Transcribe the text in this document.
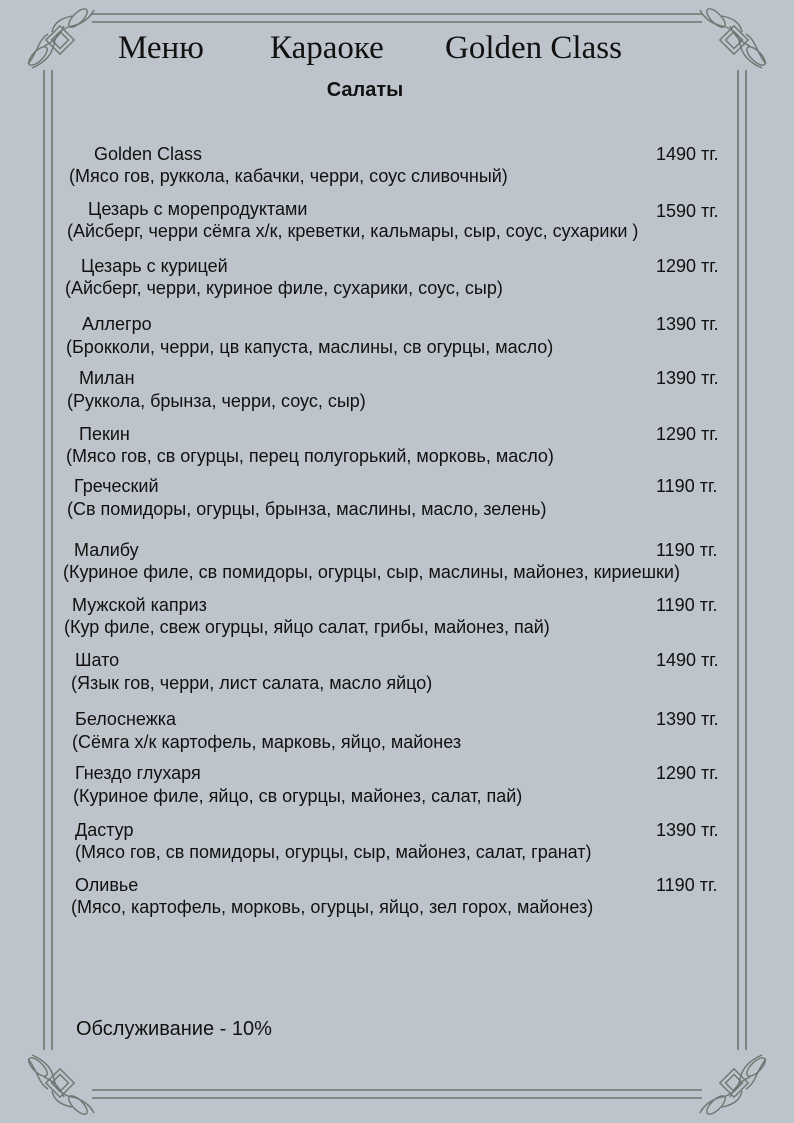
Меню Караоке Golden Class
Салаты
Golden Class	1490 тг.
(Мясо гов, руккола, кабачки, черри, соус сливочный)
Цезарь с морепродуктами	1590 тг.
(Айсберг, черри сёмга х/к, креветки, кальмары, сыр, соус, сухарики )
Цезарь с курицей	1290 тг.
(Айсберг, черри, куриное филе, сухарики, соус, сыр)
Аллегро	1390 тг.
(Брокколи, черри, цв капуста, маслины, св огурцы, масло)
Милан	1390 тг.
(Руккола, брынза, черри, соус, сыр)
Пекин	1290 тг.
(Мясо гов, св огурцы, перец полугорький, морковь, масло)
Греческий	1190 тг.
(Св помидоры, огурцы, брынза, маслины, масло, зелень)
Малибу	1190 тг.
(Куриное филе, св помидоры, огурцы, сыр, маслины, майонез, кириешки)
Мужской каприз	1190 тг.
(Кур филе, свеж огурцы, яйцо салат, грибы, майонез, пай)
Шато	1490 тг.
(Язык гов, черри, лист салата, масло яйцо)
Белоснежка	1390 тг.
(Сёмга х/к картофель, марковь, яйцо, майонез
Гнездо глухаря	1290 тг.
(Куриное филе, яйцо, св огурцы, майонез, салат, пай)
Дастур	1390 тг.
(Мясо гов, св помидоры, огурцы, сыр, майонез, салат, гранат)
Оливье	1190 тг.
(Мясо, картофель, морковь, огурцы, яйцо, зел горох, майонез)
Обслуживание - 10%
